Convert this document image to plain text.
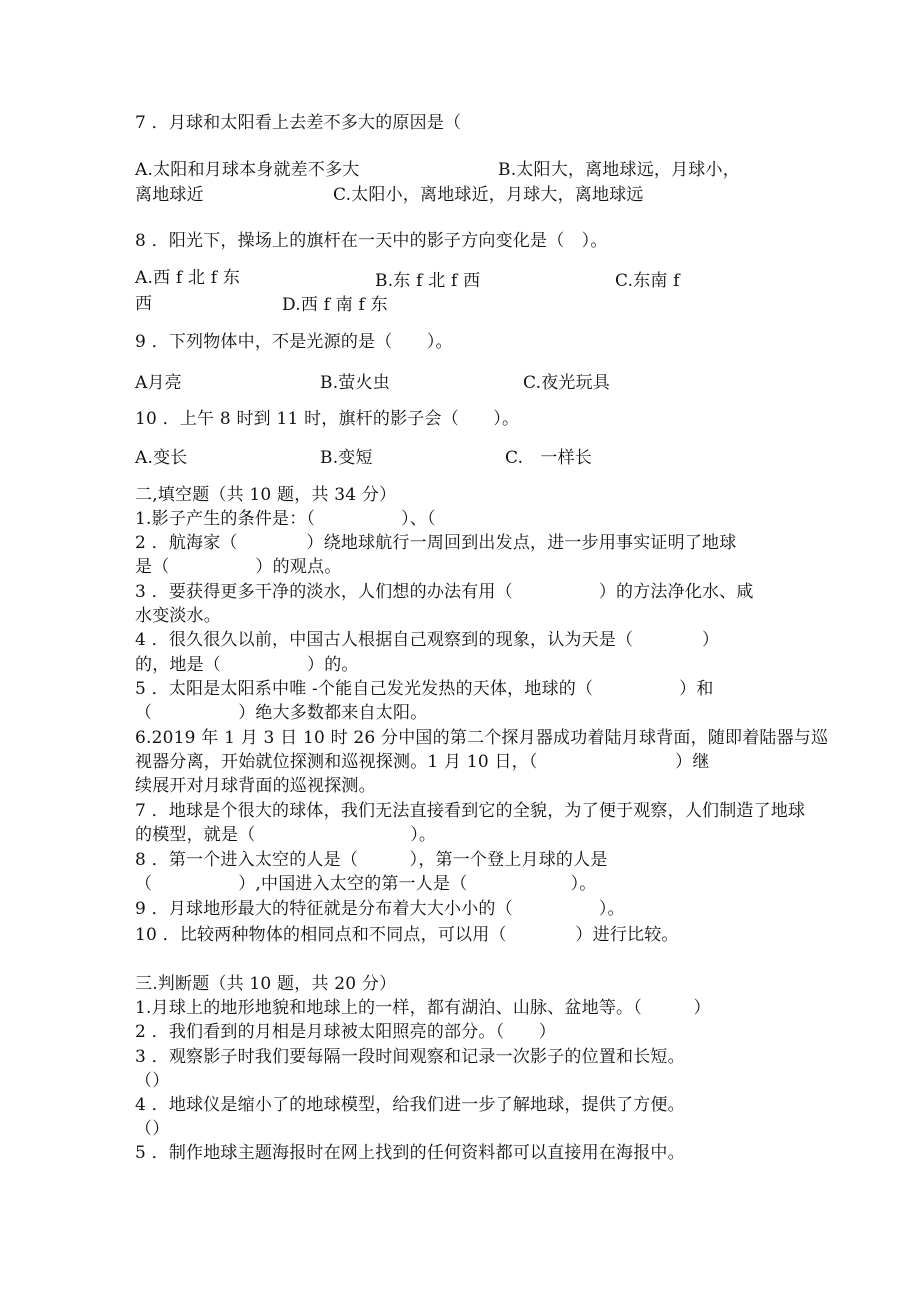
7 ．月球和太阳看上去差不多大的原因是（
A.太阳和月球本身就差不多大	B.太阳大，离地球远，月球小，
离地球近	C.太阳小，离地球近，月球大，离地球远
8 ．阳光下，操场上的旗杆在一天中的影子方向变化是（　）。
A.西 f 北 f 东	B.东 f 北 f 西	C.东南 f
西	D.西 f 南 f 东
9 ．下列物体中，不是光源的是（　　）。
A月亮	B.萤火虫	C.夜光玩具
10 ．上午 8 时到 11 时，旗杆的影子会（　　）。
A.变长	B.变短	C.　一样长
二,填空题（共 10 题，共 34 分）
1.影子产生的条件是：（　　　　　）、（
2 ．航海家（　　　　）绕地球航行一周回到出发点，进一步用事实证明了地球
是（　　　　　）的观点。
3 ．要获得更多干净的淡水，人们想的办法有用（　　　　　）的方法净化水、咸
水变淡水。
4 ．很久很久以前，中国古人根据自己观察到的现象，认为天是（　　　　）
的，地是（　　　　　）的。
5 ．太阳是太阳系中唯 -个能自己发光发热的天体，地球的（　　　　　）和
（　　　　　）绝大多数都来自太阳。
6.2019 年 1 月 3 日 10 时 26 分中国的第二个探月器成功着陆月球背面，随即着陆器与巡
视器分离，开始就位探测和巡视探测。1 月 10 日，（　　　　　　　　）继
续展开对月球背面的巡视探测。
7 ．地球是个很大的球体，我们无法直接看到它的全貌，为了便于观察，人们制造了地球
的模型，就是（　　　　　　　　　）。
8 ．第一个进入太空的人是（　　　），第一个登上月球的人是
（　　　　　）,中国进入太空的第一人是（　　　　　　）。
9 ．月球地形最大的特征就是分布着大大小小的（　　　　　）。
10 ．比较两种物体的相同点和不同点，可以用（　　　　）进行比较。
三.判断题（共 10 题，共 20 分）
1.月球上的地形地貌和地球上的一样，都有湖泊、山脉、盆地等。（　　　）
2 ．我们看到的月相是月球被太阳照亮的部分。（　　）
3 ．观察影子时我们要每隔一段时间观察和记录一次影子的位置和长短。
（）
4 ．地球仪是缩小了的地球模型，给我们进一步了解地球，提供了方便。
（）
5 ．制作地球主题海报时在网上找到的任何资料都可以直接用在海报中。
